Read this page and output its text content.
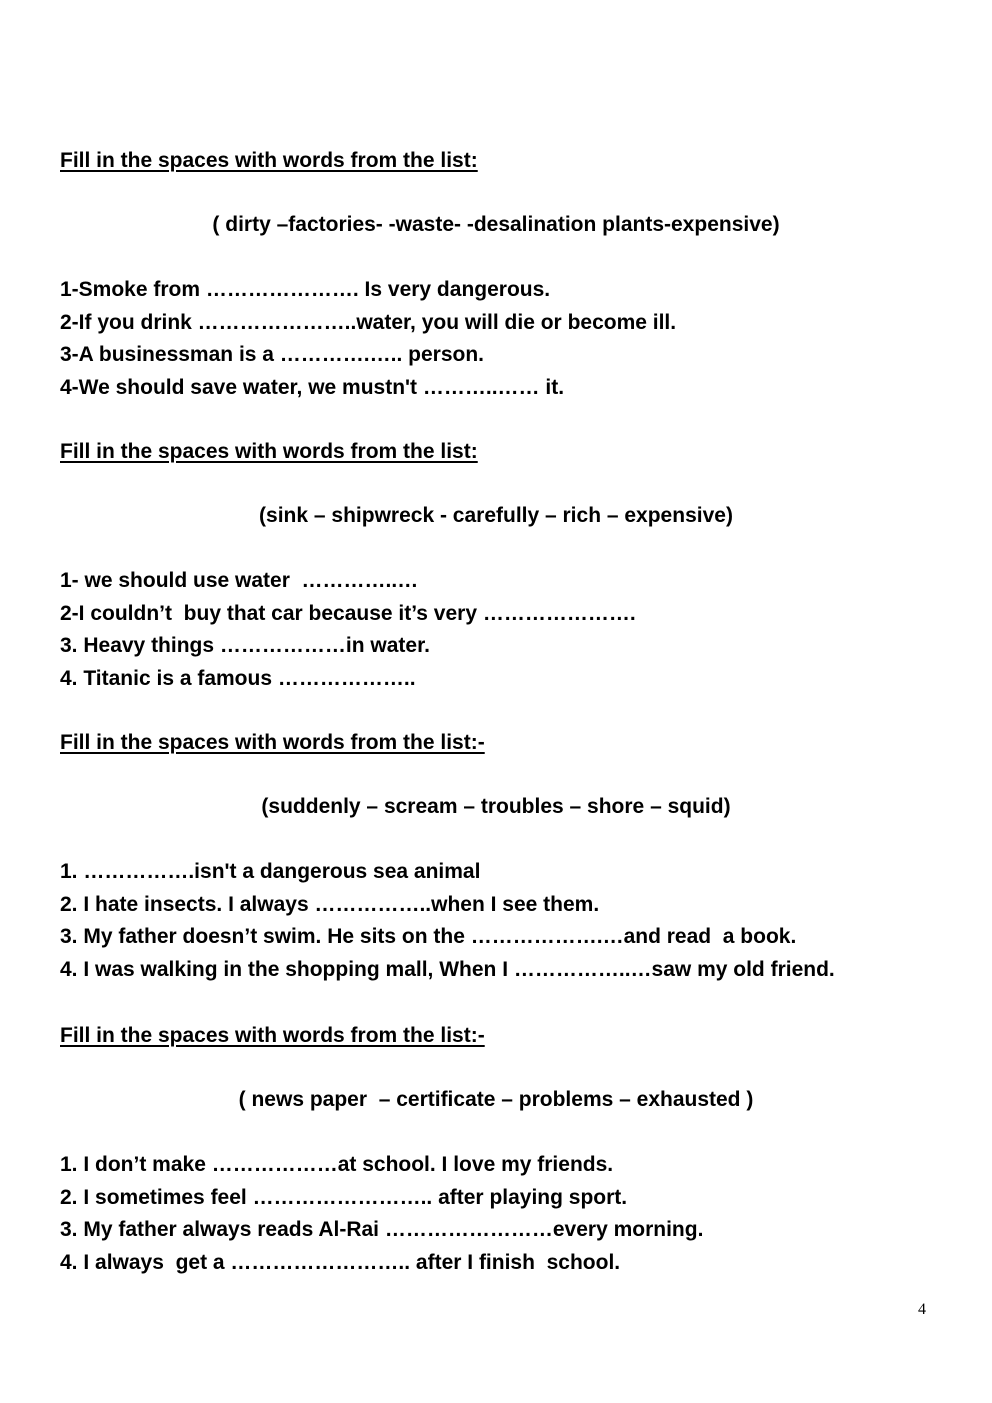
Fill in the spaces with words from the list:
( dirty –factories- -waste- -desalination plants-expensive)
1-Smoke from …………………. Is very dangerous.
2-If you drink …………………..water, you will die or become ill.
3-A businessman is a ………….….. person.
4-We should save water, we mustn't ………..…… it.
Fill in the spaces with words from the list:
(sink – shipwreck - carefully – rich – expensive)
1- we should use water  …………..…
2-I couldn’t  buy that car because it’s very ………………….
3. Heavy things ………………in water.
4. Titanic is a famous ………………..
Fill in the spaces with words from the list:-
(suddenly – scream – troubles – shore – squid)
1. …………….isn't a dangerous sea animal
2. I hate insects. I always ……………..when I see them.
3. My father doesn’t swim. He sits on the ……………….…and read  a book.
4. I was walking in the shopping mall, When I ……………..…saw my old friend.
Fill in the spaces with words from the list:-
( news paper  – certificate – problems – exhausted )
1. I don’t make ………………at school. I love my friends.
2. I sometimes feel …………………….. after playing sport.
3. My father always reads Al-Rai ……………………every morning.
4. I always  get a …………………….. after I finish  school.
4
